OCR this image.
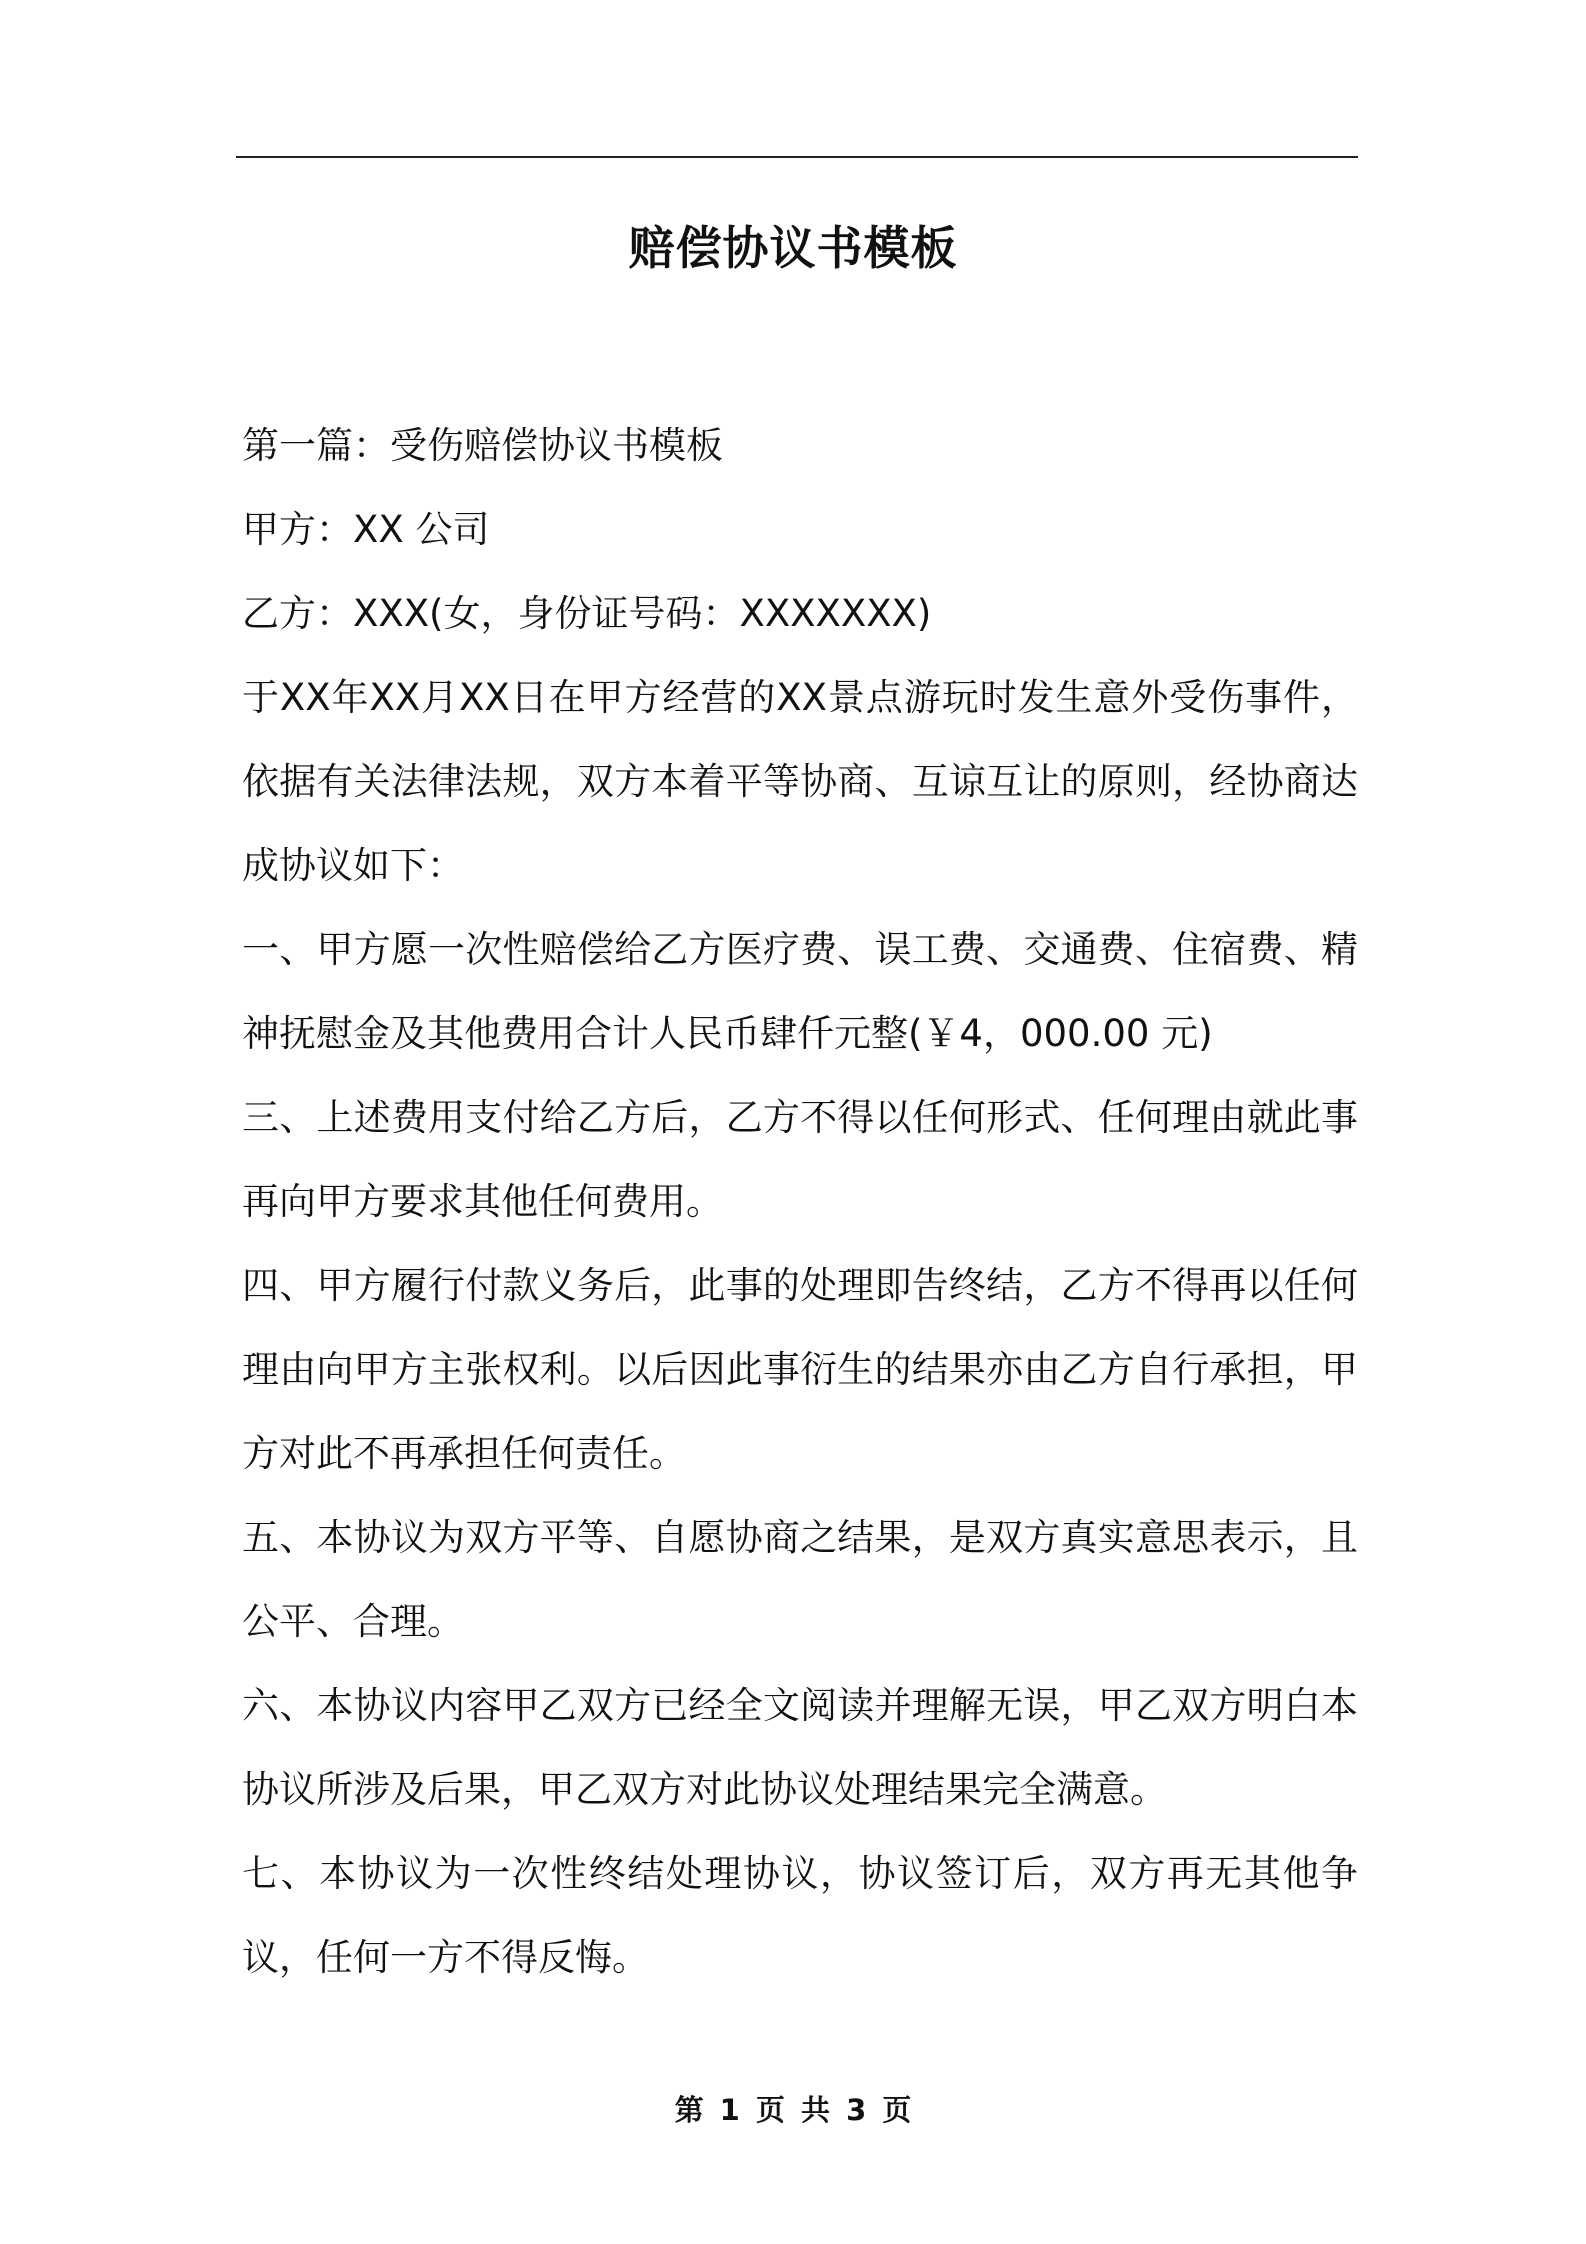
赔偿协议书模板

第一篇：受伤赔偿协议书模板

甲方：XX 公司

乙方：XXX(女，身份证号码：XXXXXXX)

于XX年XX月XX日在甲方经营的XX景点游玩时发生意外受伤事件，依据有关法律法规，双方本着平等协商、互谅互让的原则，经协商达成协议如下：

一、甲方愿一次性赔偿给乙方医疗费、误工费、交通费、住宿费、精神抚慰金及其他费用合计人民币肆仟元整(￥4，000.00 元)

三、上述费用支付给乙方后，乙方不得以任何形式、任何理由就此事再向甲方要求其他任何费用。

四、甲方履行付款义务后，此事的处理即告终结，乙方不得再以任何理由向甲方主张权利。以后因此事衍生的结果亦由乙方自行承担，甲方对此不再承担任何责任。

五、本协议为双方平等、自愿协商之结果，是双方真实意思表示，且公平、合理。

六、本协议内容甲乙双方已经全文阅读并理解无误，甲乙双方明白本协议所涉及后果，甲乙双方对此协议处理结果完全满意。

七、本协议为一次性终结处理协议，协议签订后，双方再无其他争议，任何一方不得反悔。

第 1 页 共 3 页
